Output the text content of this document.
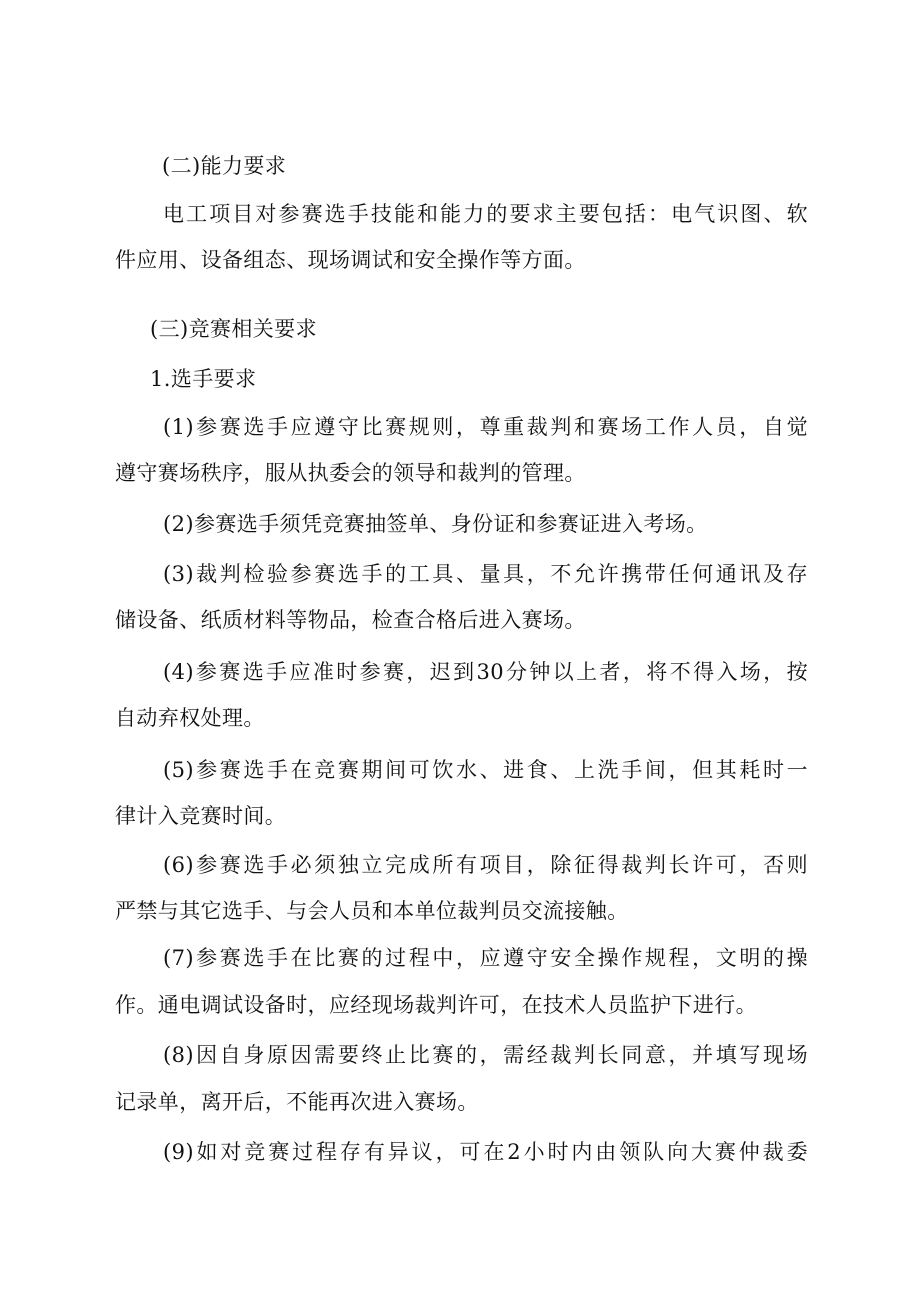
(二)能力要求
电工项目对参赛选手技能和能力的要求主要包括：电气识图、软
件应用、设备组态、现场调试和安全操作等方面。
(三)竞赛相关要求
1.选手要求
(1)参赛选手应遵守比赛规则，尊重裁判和赛场工作人员，自觉
遵守赛场秩序，服从执委会的领导和裁判的管理。
(2)参赛选手须凭竞赛抽签单、身份证和参赛证进入考场。
(3)裁判检验参赛选手的工具、量具，不允许携带任何通讯及存
储设备、纸质材料等物品，检查合格后进入赛场。
(4)参赛选手应准时参赛，迟到30分钟以上者，将不得入场，按
自动弃权处理。
(5)参赛选手在竞赛期间可饮水、进食、上洗手间，但其耗时一
律计入竞赛时间。
(6)参赛选手必须独立完成所有项目，除征得裁判长许可，否则
严禁与其它选手、与会人员和本单位裁判员交流接触。
(7)参赛选手在比赛的过程中，应遵守安全操作规程，文明的操
作。通电调试设备时，应经现场裁判许可，在技术人员监护下进行。
(8)因自身原因需要终止比赛的，需经裁判长同意，并填写现场
记录单，离开后，不能再次进入赛场。
(9)如对竞赛过程存有异议，可在2小时内由领队向大赛仲裁委
